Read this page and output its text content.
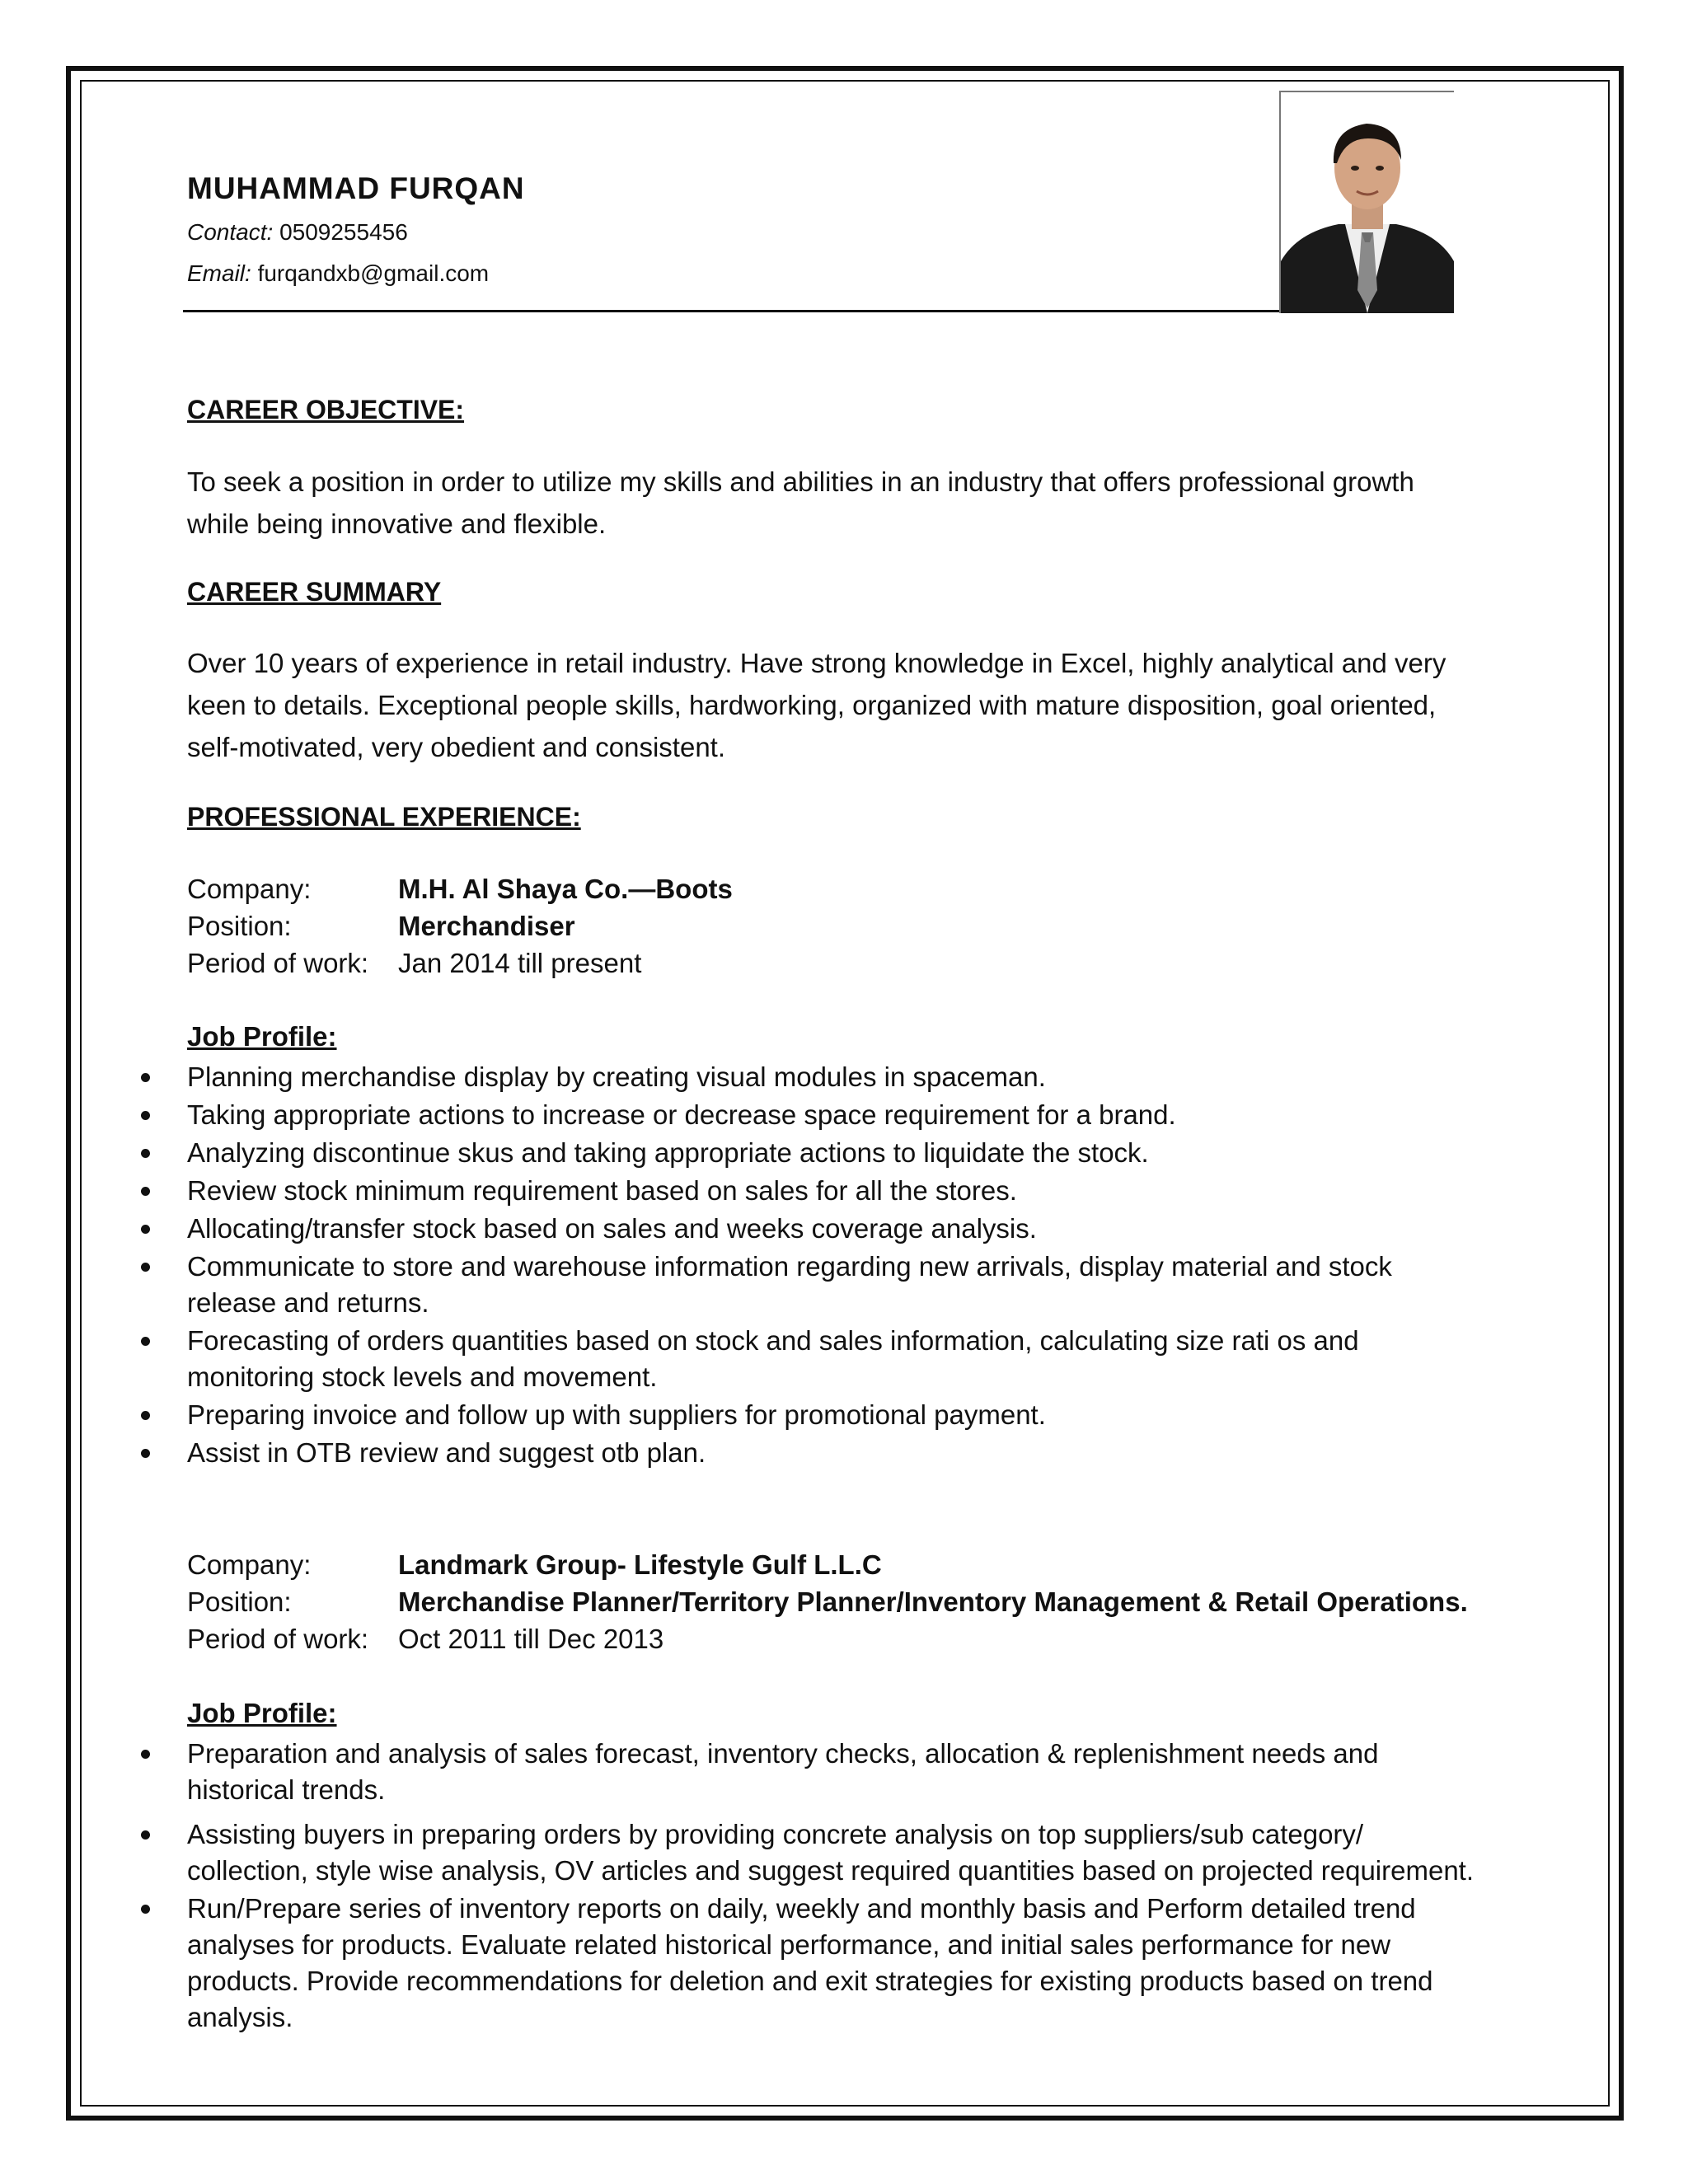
MUHAMMAD FURQAN
Contact: 0509255456
Email: furqandxb@gmail.com
CAREER OBJECTIVE:
To seek a position in order to utilize my skills and abilities in an industry that offers professional growth
while being innovative and flexible.
CAREER SUMMARY
Over 10 years of experience in retail industry. Have strong knowledge in Excel, highly analytical and very
keen to details. Exceptional people skills, hardworking, organized with mature disposition, goal oriented,
self-motivated, very obedient and consistent.
PROFESSIONAL EXPERIENCE:
Company:	M.H. Al Shaya Co.—Boots
Position:	Merchandiser
Period of work: Jan 2014 till present
Job Profile:
Planning merchandise display by creating visual modules in spaceman.
Taking appropriate actions to increase or decrease space requirement for a brand.
Analyzing discontinue skus and taking appropriate actions to liquidate the stock.
Review stock minimum requirement based on sales for all the stores.
Allocating/transfer stock based on sales and weeks coverage analysis.
Communicate to store and warehouse information regarding new arrivals, display material and stock
release and returns.
Forecasting of orders quantities based on stock and sales information, calculating size rati os and
monitoring stock levels and movement.
Preparing invoice and follow up with suppliers for promotional payment.
Assist in OTB review and suggest otb plan.
Company:	Landmark Group- Lifestyle Gulf L.L.C
Position:	Merchandise Planner/Territory Planner/Inventory Management & Retail Operations.
Period of work: Oct 2011 till Dec 2013
Job Profile:
Preparation and analysis of sales forecast, inventory checks, allocation & replenishment needs and
historical trends.
Assisting buyers in preparing orders by providing concrete analysis on top suppliers/sub category/
collection, style wise analysis, OV articles and suggest required quantities based on projected requirement.
Run/Prepare series of inventory reports on daily, weekly and monthly basis and Perform detailed trend
analyses for products. Evaluate related historical performance, and initial sales performance for new
products. Provide recommendations for deletion and exit strategies for existing products based on trend
analysis.
